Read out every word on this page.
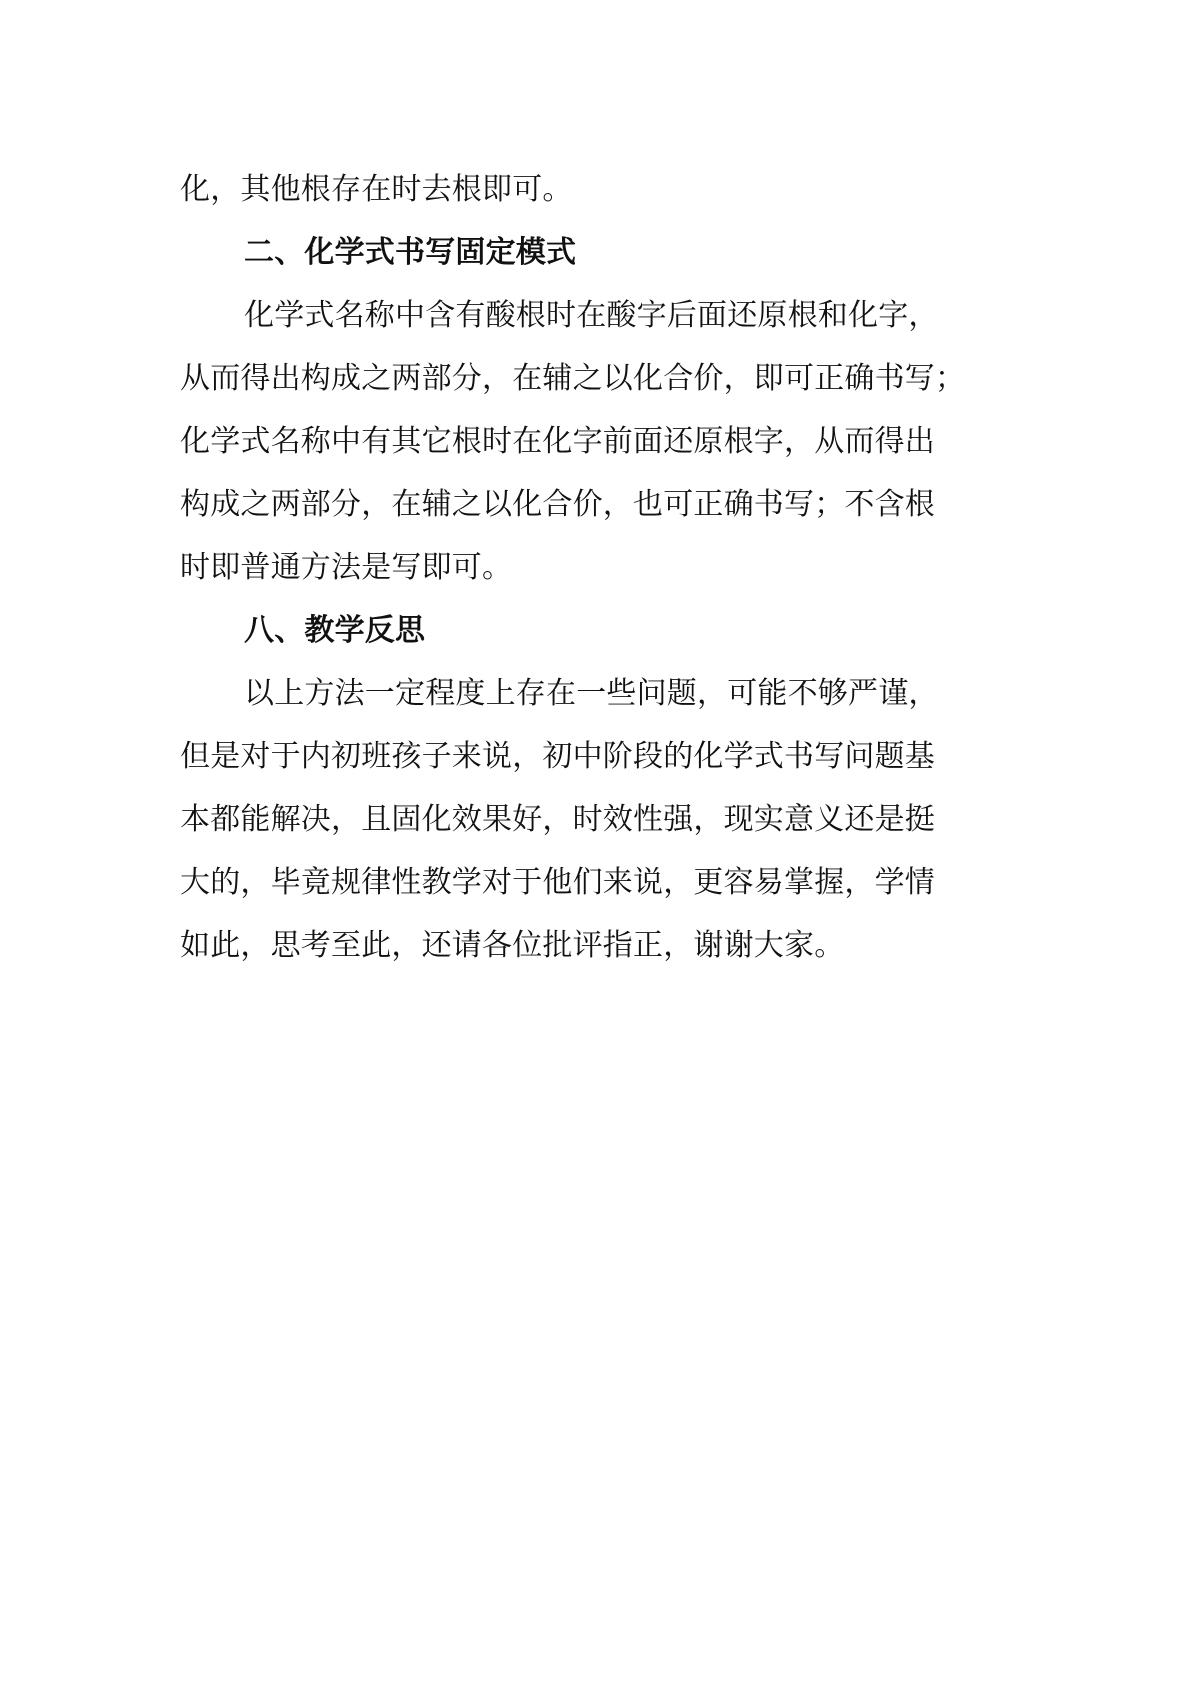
化，其他根存在时去根即可。
二、化学式书写固定模式
化学式名称中含有酸根时在酸字后面还原根和化字，
从而得出构成之两部分，在辅之以化合价，即可正确书写；
化学式名称中有其它根时在化字前面还原根字，从而得出
构成之两部分，在辅之以化合价，也可正确书写；不含根
时即普通方法是写即可。
八、教学反思
以上方法一定程度上存在一些问题，可能不够严谨，
但是对于内初班孩子来说，初中阶段的化学式书写问题基
本都能解决，且固化效果好，时效性强，现实意义还是挺
大的，毕竟规律性教学对于他们来说，更容易掌握，学情
如此，思考至此，还请各位批评指正，谢谢大家。
